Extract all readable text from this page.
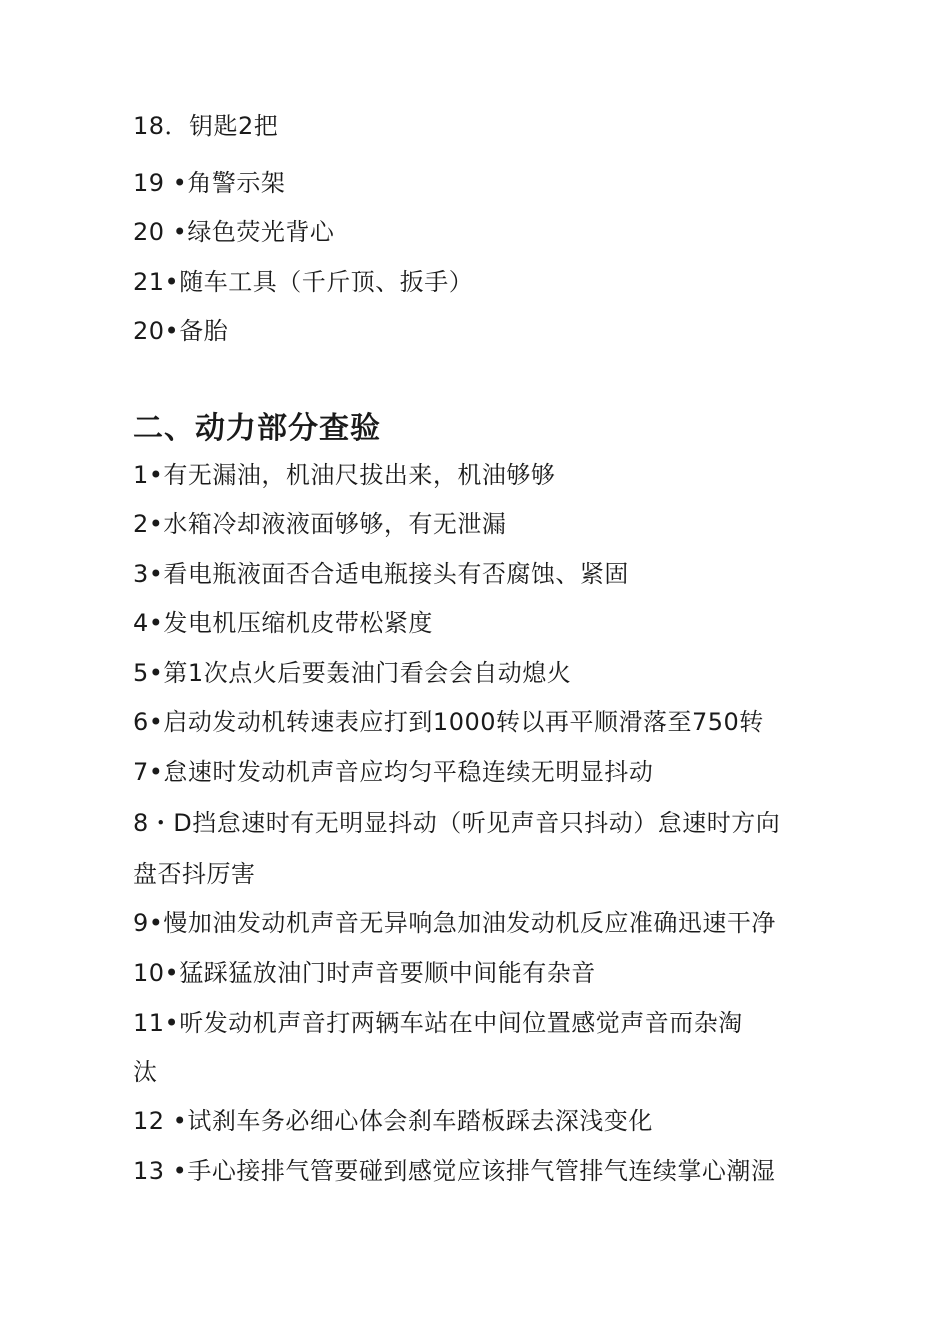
18．钥匙2把
19 •角警示架
20 •绿色荧光背心
21•随车工具（千斤顶、扳手）
20•备胎
二、动力部分查验
1•有无漏油，机油尺拔出来，机油够够
2•水箱冷却液液面够够，有无泄漏
3•看电瓶液面否合适电瓶接头有否腐蚀、紧固
4•发电机压缩机皮带松紧度
5•第1次点火后要轰油门看会会自动熄火
6•启动发动机转速表应打到1000转以再平顺滑落至750转
7•怠速时发动机声音应均匀平稳连续无明显抖动
8・D挡怠速时有无明显抖动（听见声音只抖动）怠速时方向
盘否抖厉害
9•慢加油发动机声音无异响急加油发动机反应准确迅速干净
10•猛踩猛放油门时声音要顺中间能有杂音
11•听发动机声音打两辆车站在中间位置感觉声音而杂淘
汰
12 •试刹车务必细心体会刹车踏板踩去深浅变化
13 •手心接排气管要碰到感觉应该排气管排气连续掌心潮湿
